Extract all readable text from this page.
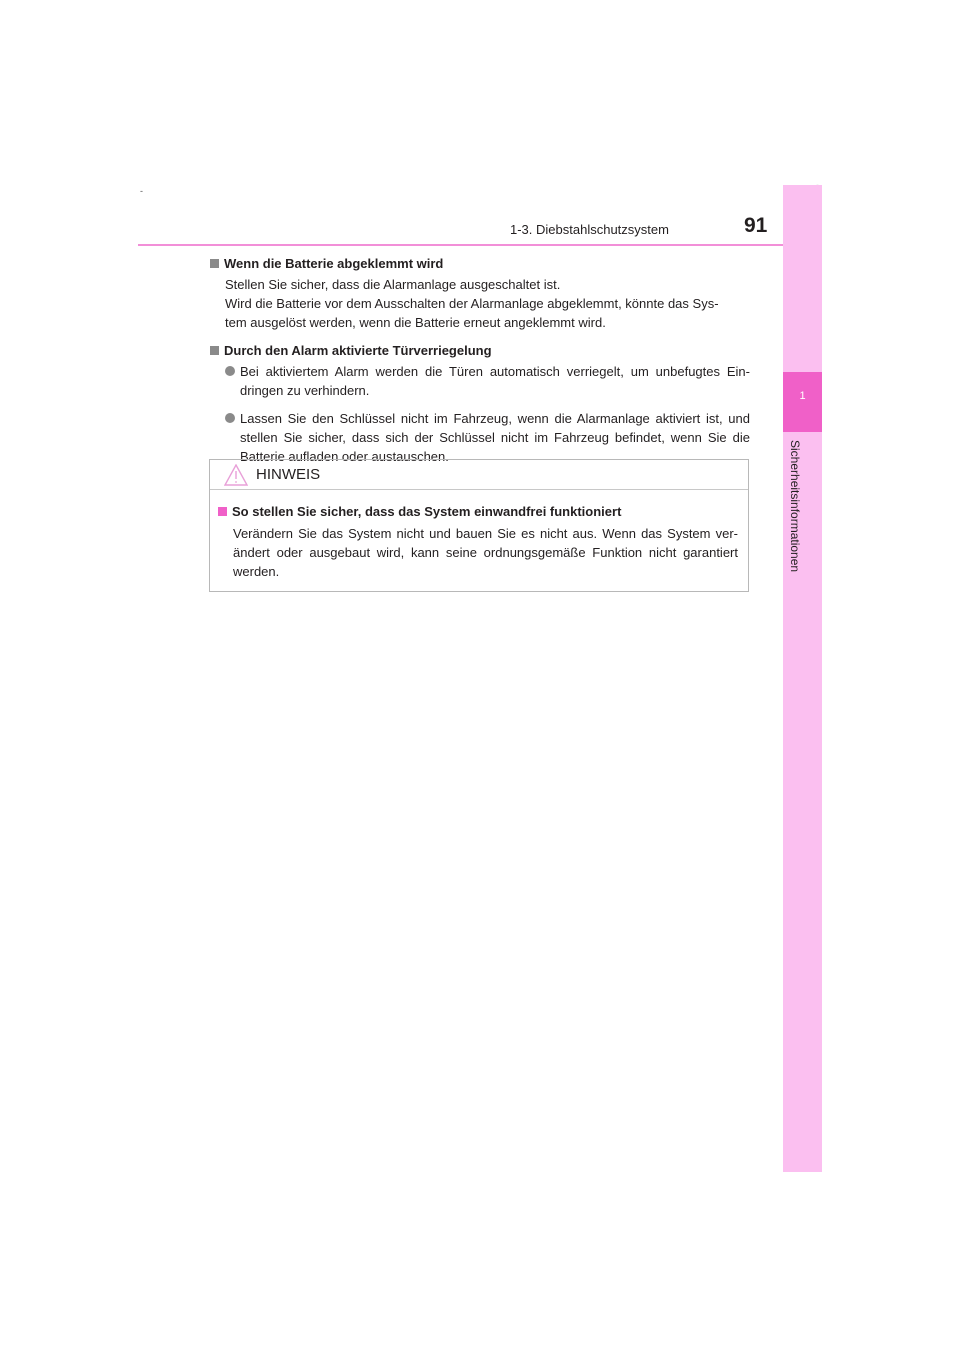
-
1-3. Diebstahlschutzsystem	91
1
Sicherheitsinformationen
Wenn die Batterie abgeklemmt wird
Stellen Sie sicher, dass die Alarmanlage ausgeschaltet ist.
Wird die Batterie vor dem Ausschalten der Alarmanlage abgeklemmt, könnte das Sys-
tem ausgelöst werden, wenn die Batterie erneut angeklemmt wird.
Durch den Alarm aktivierte Türverriegelung
Bei aktiviertem Alarm werden die Türen automatisch verriegelt, um unbefugtes Ein-dringen zu verhindern.
Lassen Sie den Schlüssel nicht im Fahrzeug, wenn die Alarmanlage aktiviert ist, und stellen Sie sicher, dass sich der Schlüssel nicht im Fahrzeug befindet, wenn Sie die Batterie aufladen oder austauschen.
HINWEIS
So stellen Sie sicher, dass das System einwandfrei funktioniert
Verändern Sie das System nicht und bauen Sie es nicht aus. Wenn das System ver-ändert oder ausgebaut wird, kann seine ordnungsgemäße Funktion nicht garantiert werden.
